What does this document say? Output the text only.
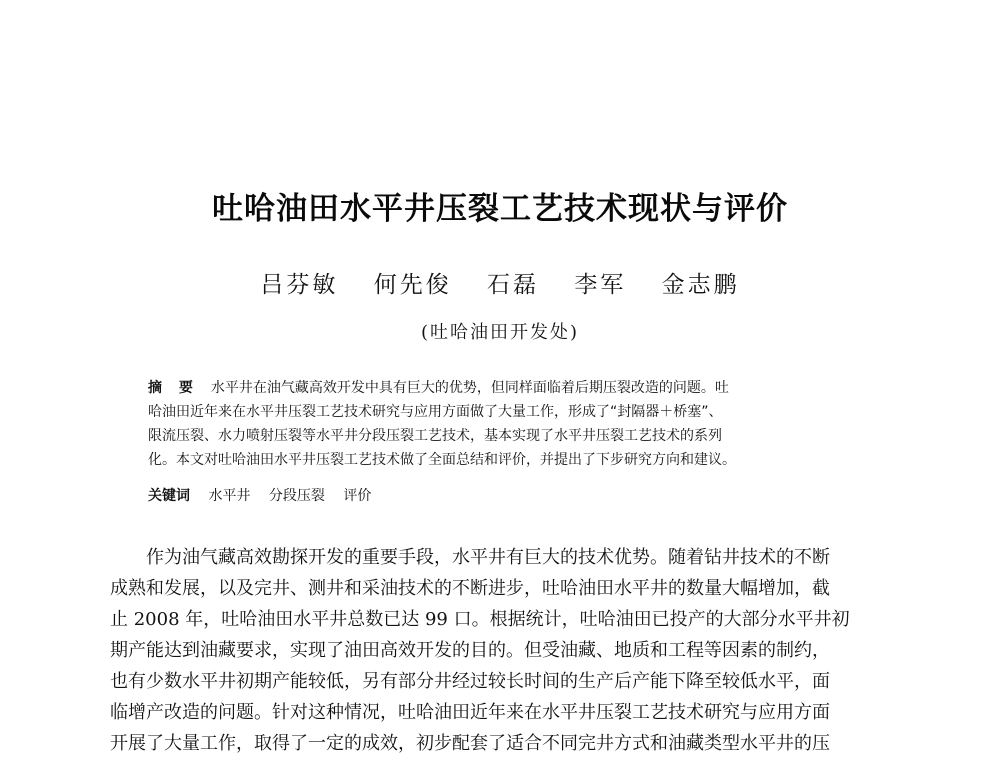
吐哈油田水平井压裂工艺技术现状与评价
吕芬敏 何先俊 石磊 李军 金志鹏
(吐哈油田开发处)
摘 要 水平井在油气藏高效开发中具有巨大的优势，但同样面临着后期压裂改造的问题。吐
哈油田近年来在水平井压裂工艺技术研究与应用方面做了大量工作，形成了“封隔器＋桥塞”、
限流压裂、水力喷射压裂等水平井分段压裂工艺技术，基本实现了水平井压裂工艺技术的系列
化。本文对吐哈油田水平井压裂工艺技术做了全面总结和评价，并提出了下步研究方向和建议。
关键词 水平井 分段压裂 评价
　　作为油气藏高效勘探开发的重要手段，水平井有巨大的技术优势。随着钻井技术的不断
成熟和发展，以及完井、测井和采油技术的不断进步，吐哈油田水平井的数量大幅增加，截
止 2008 年，吐哈油田水平井总数已达 99 口。根据统计，吐哈油田已投产的大部分水平井初
期产能达到油藏要求，实现了油田高效开发的目的。但受油藏、地质和工程等因素的制约，
也有少数水平井初期产能较低，另有部分井经过较长时间的生产后产能下降至较低水平，面
临增产改造的问题。针对这种情况，吐哈油田近年来在水平井压裂工艺技术研究与应用方面
开展了大量工作，取得了一定的成效，初步配套了适合不同完井方式和油藏类型水平井的压
